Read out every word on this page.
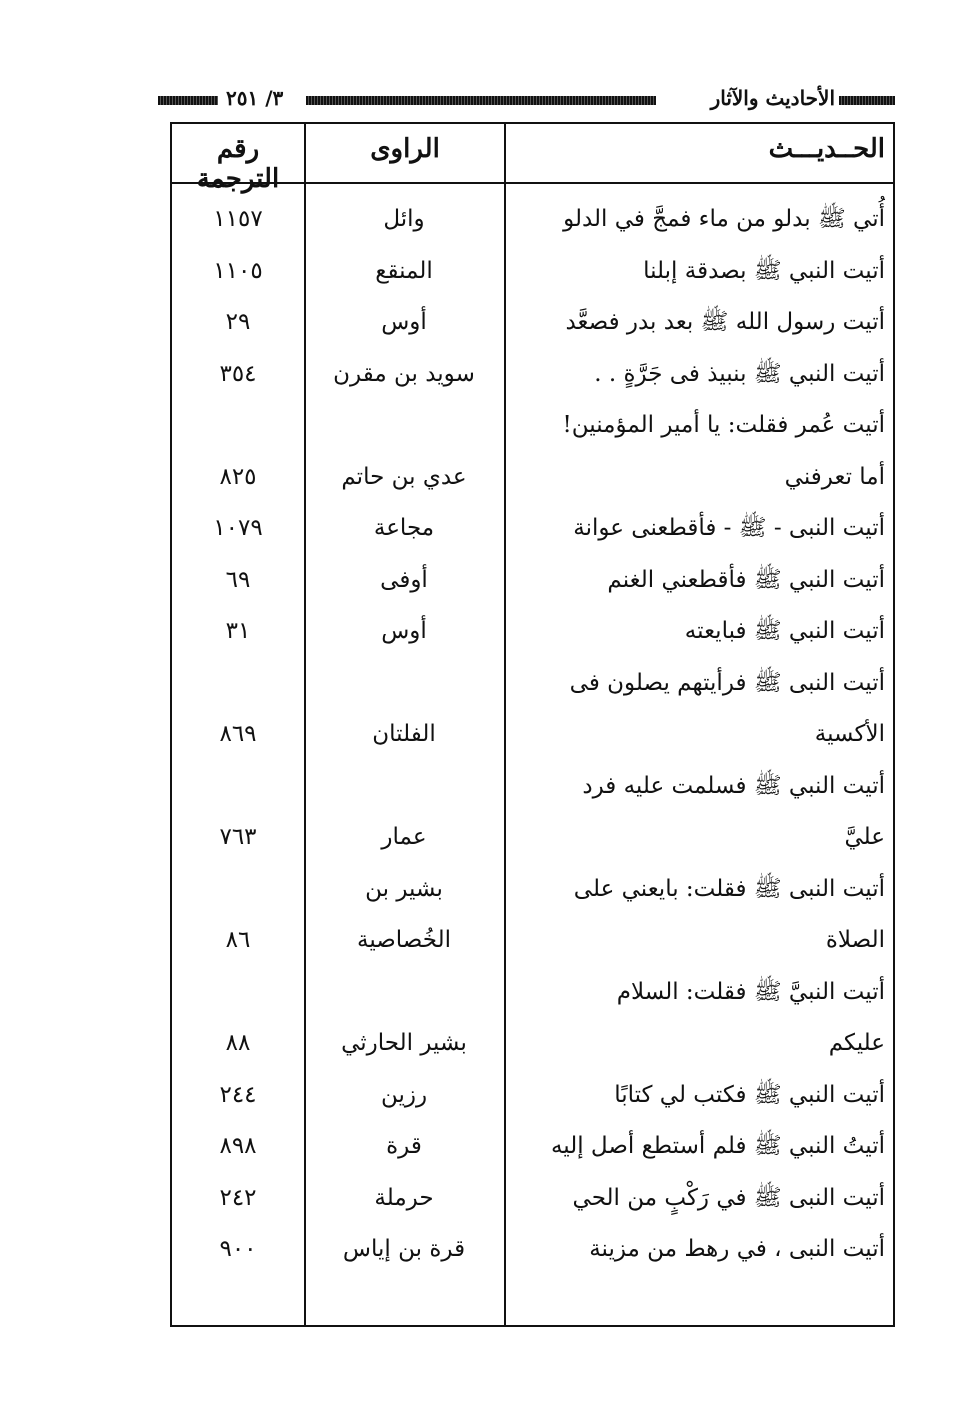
الأحاديث والآثار
٣/ ٢٥١
الحــديـــث
الراوى
رقم الترجمة
أُتي ﷺ بدلو من ماء فمجَّ في الدلو
وائل
١١٥٧
أتيت النبي ﷺ بصدقة إبلنا
المنقع
١١٠٥
أتيت رسول الله ﷺ بعد بدر فصعَّد
أوس
٢٩
أتيت النبي ﷺ بنبيذ فى جَرَّةٍ . .
سويد بن مقرن
٣٥٤
أتيت عُمر فقلت: يا أمير المؤمنين!
أما تعرفني
عدي بن حاتم
٨٢٥
أتيت النبى - ﷺ - فأقطعنى عوانة
مجاعة
١٠٧٩
أتيت النبي ﷺ فأقطعني الغنم
أوفى
٦٩
أتيت النبي ﷺ فبايعته
أوس
٣١
أتيت النبى ﷺ فرأيتهم يصلون فى
الأكسية
الفلتان
٨٦٩
أتيت النبي ﷺ فسلمت عليه فرد
عليَّ
عمار
٧٦٣
أتيت النبى ﷺ فقلت: بايعني على
بشير بن
الصلاة
الخُصاصية
٨٦
أتيت النبيَّ ﷺ فقلت: السلام
عليكم
بشير الحارثي
٨٨
أتيت النبي ﷺ فكتب لي كتابًا
رزين
٢٤٤
أتيتُ النبي ﷺ فلم أستطع أصل إليه
قرة
٨٩٨
أتيت النبى ﷺ في رَكْبٍ من الحي
حرملة
٢٤٢
أتيت النبى ، في رهط من مزينة
قرة بن إياس
٩٠٠
